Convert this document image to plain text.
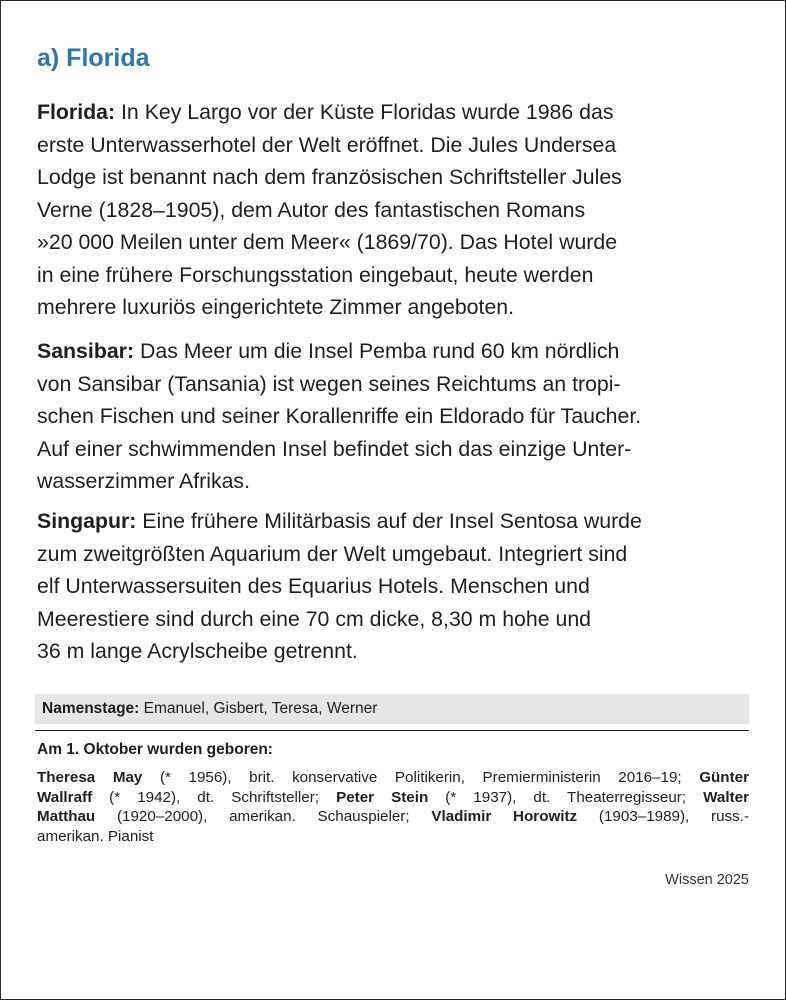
a) Florida

Florida: In Key Largo vor der Küste Floridas wurde 1986 das
erste Unterwasserhotel der Welt eröffnet. Die Jules Undersea
Lodge ist benannt nach dem französischen Schriftsteller Jules
Verne (1828–1905), dem Autor des fantastischen Romans
»20 000 Meilen unter dem Meer« (1869/70). Das Hotel wurde
in eine frühere Forschungsstation eingebaut, heute werden
mehrere luxuriös eingerichtete Zimmer angeboten.

Sansibar: Das Meer um die Insel Pemba rund 60 km nördlich
von Sansibar (Tansania) ist wegen seines Reichtums an tropi-
schen Fischen und seiner Korallenriffe ein Eldorado für Taucher.
Auf einer schwimmenden Insel befindet sich das einzige Unter-
wasserzimmer Afrikas.

Singapur: Eine frühere Militärbasis auf der Insel Sentosa wurde
zum zweitgrößten Aquarium der Welt umgebaut. Integriert sind
elf Unterwassersuiten des Equarius Hotels. Menschen und
Meerestiere sind durch eine 70 cm dicke, 8,30 m hohe und
36 m lange Acrylscheibe getrennt.

Namenstage: Emanuel, Gisbert, Teresa, Werner

Am 1. Oktober wurden geboren:

Theresa May (* 1956), brit. konservative Politikerin, Premierministerin 2016–19; Günter
Wallraff (* 1942), dt. Schriftsteller; Peter Stein (* 1937), dt. Theaterregisseur; Walter
Matthau (1920–2000), amerikan. Schauspieler; Vladimir Horowitz (1903–1989), russ.-
amerikan. Pianist

Wissen 2025
